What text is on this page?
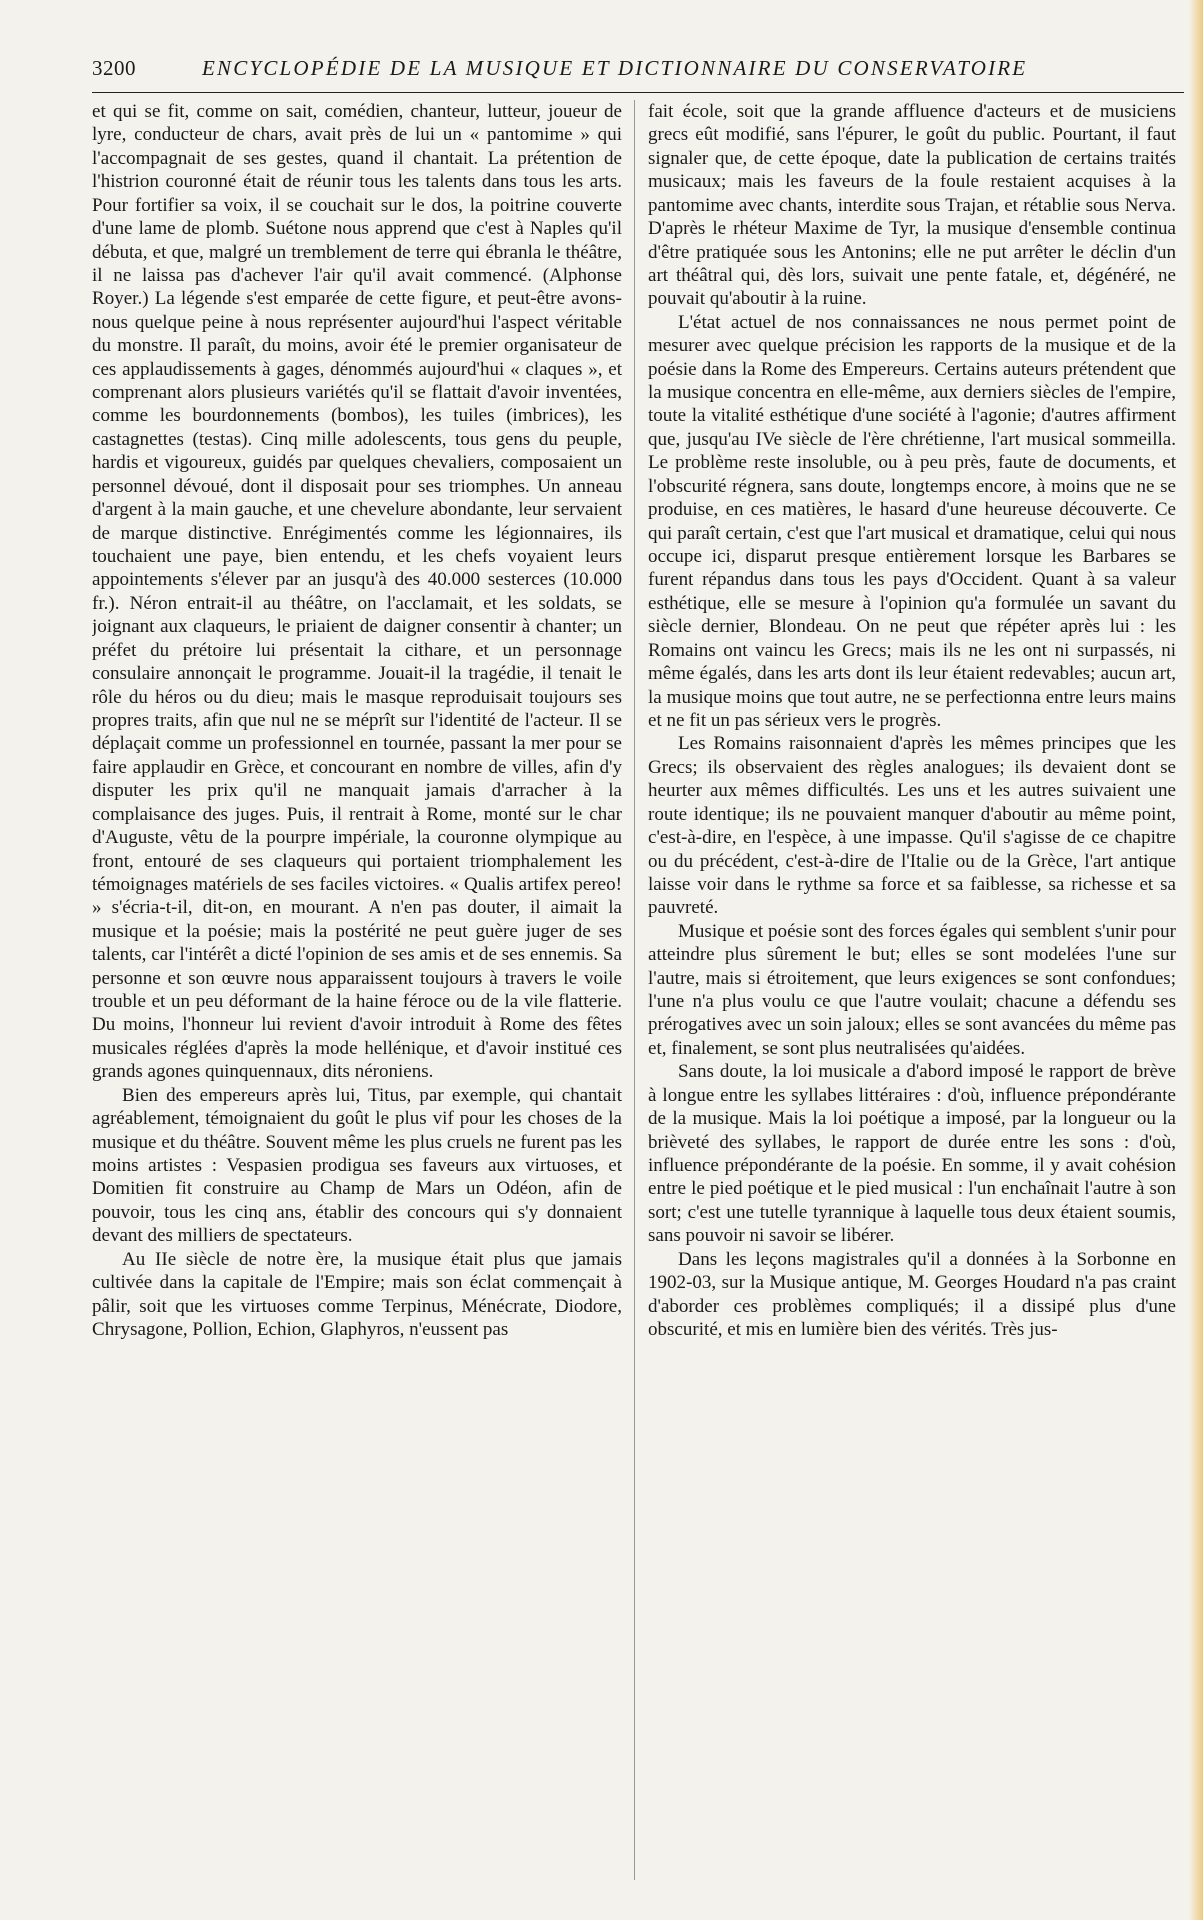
3200	ENCYCLOPÉDIE DE LA MUSIQUE ET DICTIONNAIRE DU CONSERVATOIRE

et qui se fit, comme on sait, comédien, chanteur, lutteur, joueur de lyre, conducteur de chars, avait près de lui un « pantomime » qui l'accompagnait de ses gestes, quand il chantait. La prétention de l'histrion couronné était de réunir tous les talents dans tous les arts. Pour fortifier sa voix, il se couchait sur le dos, la poitrine couverte d'une lame de plomb. Suétone nous apprend que c'est à Naples qu'il débuta, et que, malgré un tremblement de terre qui ébranla le théâtre, il ne laissa pas d'achever l'air qu'il avait commencé. (Alphonse Royer.) La légende s'est emparée de cette figure, et peut-être avons-nous quelque peine à nous représenter aujourd'hui l'aspect véritable du monstre. Il paraît, du moins, avoir été le premier organisateur de ces applaudissements à gages, dénommés aujourd'hui « claques », et comprenant alors plusieurs variétés qu'il se flattait d'avoir inventées, comme les bourdonnements (bombos), les tuiles (imbrices), les castagnettes (testas). Cinq mille adolescents, tous gens du peuple, hardis et vigoureux, guidés par quelques chevaliers, composaient un personnel dévoué, dont il disposait pour ses triomphes. Un anneau d'argent à la main gauche, et une chevelure abondante, leur servaient de marque distinctive. Enrégimentés comme les légionnaires, ils touchaient une paye, bien entendu, et les chefs voyaient leurs appointements s'élever par an jusqu'à des 40.000 sesterces (10.000 fr.). Néron entrait-il au théâtre, on l'acclamait, et les soldats, se joignant aux claqueurs, le priaient de daigner consentir à chanter; un préfet du prétoire lui présentait la cithare, et un personnage consulaire annonçait le programme. Jouait-il la tragédie, il tenait le rôle du héros ou du dieu; mais le masque reproduisait toujours ses propres traits, afin que nul ne se méprît sur l'identité de l'acteur. Il se déplaçait comme un professionnel en tournée, passant la mer pour se faire applaudir en Grèce, et concourant en nombre de villes, afin d'y disputer les prix qu'il ne manquait jamais d'arracher à la complaisance des juges. Puis, il rentrait à Rome, monté sur le char d'Auguste, vêtu de la pourpre impériale, la couronne olympique au front, entouré de ses claqueurs qui portaient triomphalement les témoignages matériels de ses faciles victoires. « Qualis artifex pereo! » s'écria-t-il, dit-on, en mourant. A n'en pas douter, il aimait la musique et la poésie; mais la postérité ne peut guère juger de ses talents, car l'intérêt a dicté l'opinion de ses amis et de ses ennemis. Sa personne et son œuvre nous apparaissent toujours à travers le voile trouble et un peu déformant de la haine féroce ou de la vile flatterie. Du moins, l'honneur lui revient d'avoir introduit à Rome des fêtes musicales réglées d'après la mode hellénique, et d'avoir institué ces grands agones quinquennaux, dits néroniens.

Bien des empereurs après lui, Titus, par exemple, qui chantait agréablement, témoignaient du goût le plus vif pour les choses de la musique et du théâtre. Souvent même les plus cruels ne furent pas les moins artistes : Vespasien prodigua ses faveurs aux virtuoses, et Domitien fit construire au Champ de Mars un Odéon, afin de pouvoir, tous les cinq ans, établir des concours qui s'y donnaient devant des milliers de spectateurs.

Au IIe siècle de notre ère, la musique était plus que jamais cultivée dans la capitale de l'Empire; mais son éclat commençait à pâlir, soit que les virtuoses comme Terpinus, Ménécrate, Diodore, Chrysagone, Pollion, Echion, Glaphyros, n'eussent pas

fait école, soit que la grande affluence d'acteurs et de musiciens grecs eût modifié, sans l'épurer, le goût du public. Pourtant, il faut signaler que, de cette époque, date la publication de certains traités musicaux; mais les faveurs de la foule restaient acquises à la pantomime avec chants, interdite sous Trajan, et rétablie sous Nerva. D'après le rhéteur Maxime de Tyr, la musique d'ensemble continua d'être pratiquée sous les Antonins; elle ne put arrêter le déclin d'un art théâtral qui, dès lors, suivait une pente fatale, et, dégénéré, ne pouvait qu'aboutir à la ruine.

L'état actuel de nos connaissances ne nous permet point de mesurer avec quelque précision les rapports de la musique et de la poésie dans la Rome des Empereurs. Certains auteurs prétendent que la musique concentra en elle-même, aux derniers siècles de l'empire, toute la vitalité esthétique d'une société à l'agonie; d'autres affirment que, jusqu'au IVe siècle de l'ère chrétienne, l'art musical sommeilla. Le problème reste insoluble, ou à peu près, faute de documents, et l'obscurité régnera, sans doute, longtemps encore, à moins que ne se produise, en ces matières, le hasard d'une heureuse découverte. Ce qui paraît certain, c'est que l'art musical et dramatique, celui qui nous occupe ici, disparut presque entièrement lorsque les Barbares se furent répandus dans tous les pays d'Occident. Quant à sa valeur esthétique, elle se mesure à l'opinion qu'a formulée un savant du siècle dernier, Blondeau. On ne peut que répéter après lui : les Romains ont vaincu les Grecs; mais ils ne les ont ni surpassés, ni même égalés, dans les arts dont ils leur étaient redevables; aucun art, la musique moins que tout autre, ne se perfectionna entre leurs mains et ne fit un pas sérieux vers le progrès.

Les Romains raisonnaient d'après les mêmes principes que les Grecs; ils observaient des règles analogues; ils devaient dont se heurter aux mêmes difficultés. Les uns et les autres suivaient une route identique; ils ne pouvaient manquer d'aboutir au même point, c'est-à-dire, en l'espèce, à une impasse. Qu'il s'agisse de ce chapitre ou du précédent, c'est-à-dire de l'Italie ou de la Grèce, l'art antique laisse voir dans le rythme sa force et sa faiblesse, sa richesse et sa pauvreté.

Musique et poésie sont des forces égales qui semblent s'unir pour atteindre plus sûrement le but; elles se sont modelées l'une sur l'autre, mais si étroitement, que leurs exigences se sont confondues; l'une n'a plus voulu ce que l'autre voulait; chacune a défendu ses prérogatives avec un soin jaloux; elles se sont avancées du même pas et, finalement, se sont plus neutralisées qu'aidées.

Sans doute, la loi musicale a d'abord imposé le rapport de brève à longue entre les syllabes littéraires : d'où, influence prépondérante de la musique. Mais la loi poétique a imposé, par la longueur ou la brièveté des syllabes, le rapport de durée entre les sons : d'où, influence prépondérante de la poésie. En somme, il y avait cohésion entre le pied poétique et le pied musical : l'un enchaînait l'autre à son sort; c'est une tutelle tyrannique à laquelle tous deux étaient soumis, sans pouvoir ni savoir se libérer.

Dans les leçons magistrales qu'il a données à la Sorbonne en 1902-03, sur la Musique antique, M. Georges Houdard n'a pas craint d'aborder ces problèmes compliqués; il a dissipé plus d'une obscurité, et mis en lumière bien des vérités. Très jus-
